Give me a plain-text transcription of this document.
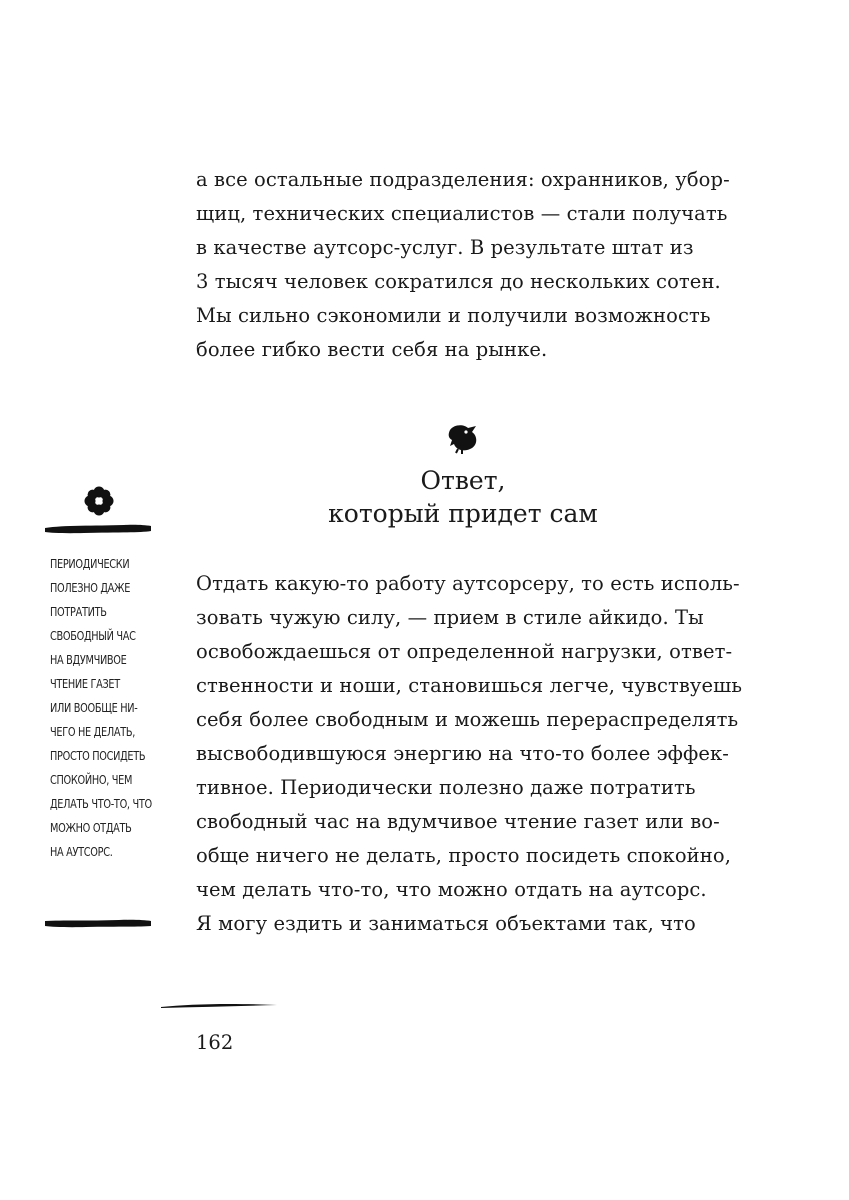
а все остальные подразделения: охранников, убор-
щиц, технических специалистов — стали получать
в качестве аутсорс-услуг. В результате штат из
3 тысяч человек сократился до нескольких сотен.
Мы сильно сэкономили и получили возможность
более гибко вести себя на рынке.

Ответ,
который придет сам
ПЕРИОДИЧЕСКИ
ПОЛЕЗНО ДАЖЕ
ПОТРАТИТЬ
СВОБОДНЫЙ ЧАС
НА ВДУМЧИВОЕ
ЧТЕНИЕ ГАЗЕТ
ИЛИ ВООБЩЕ НИ-
ЧЕГО НЕ ДЕЛАТЬ,
ПРОСТО ПОСИДЕТЬ
СПОКОЙНО, ЧЕМ
ДЕЛАТЬ ЧТО-ТО, ЧТО
МОЖНО ОТДАТЬ
НА АУТСОРС.

Отдать какую-то работу аутсорсеру, то есть исполь-
зовать чужую силу, — прием в стиле айкидо. Ты
освобождаешься от определенной нагрузки, ответ-
ственности и ноши, становишься легче, чувствуешь
себя более свободным и можешь перераспределять
высвободившуюся энергию на что-то более эффек-
тивное. Периодически полезно даже потратить
свободный час на вдумчивое чтение газет или во-
обще ничего не делать, просто посидеть спокойно,
чем делать что-то, что можно отдать на аутсорс.
Я могу ездить и заниматься объектами так, что

162
